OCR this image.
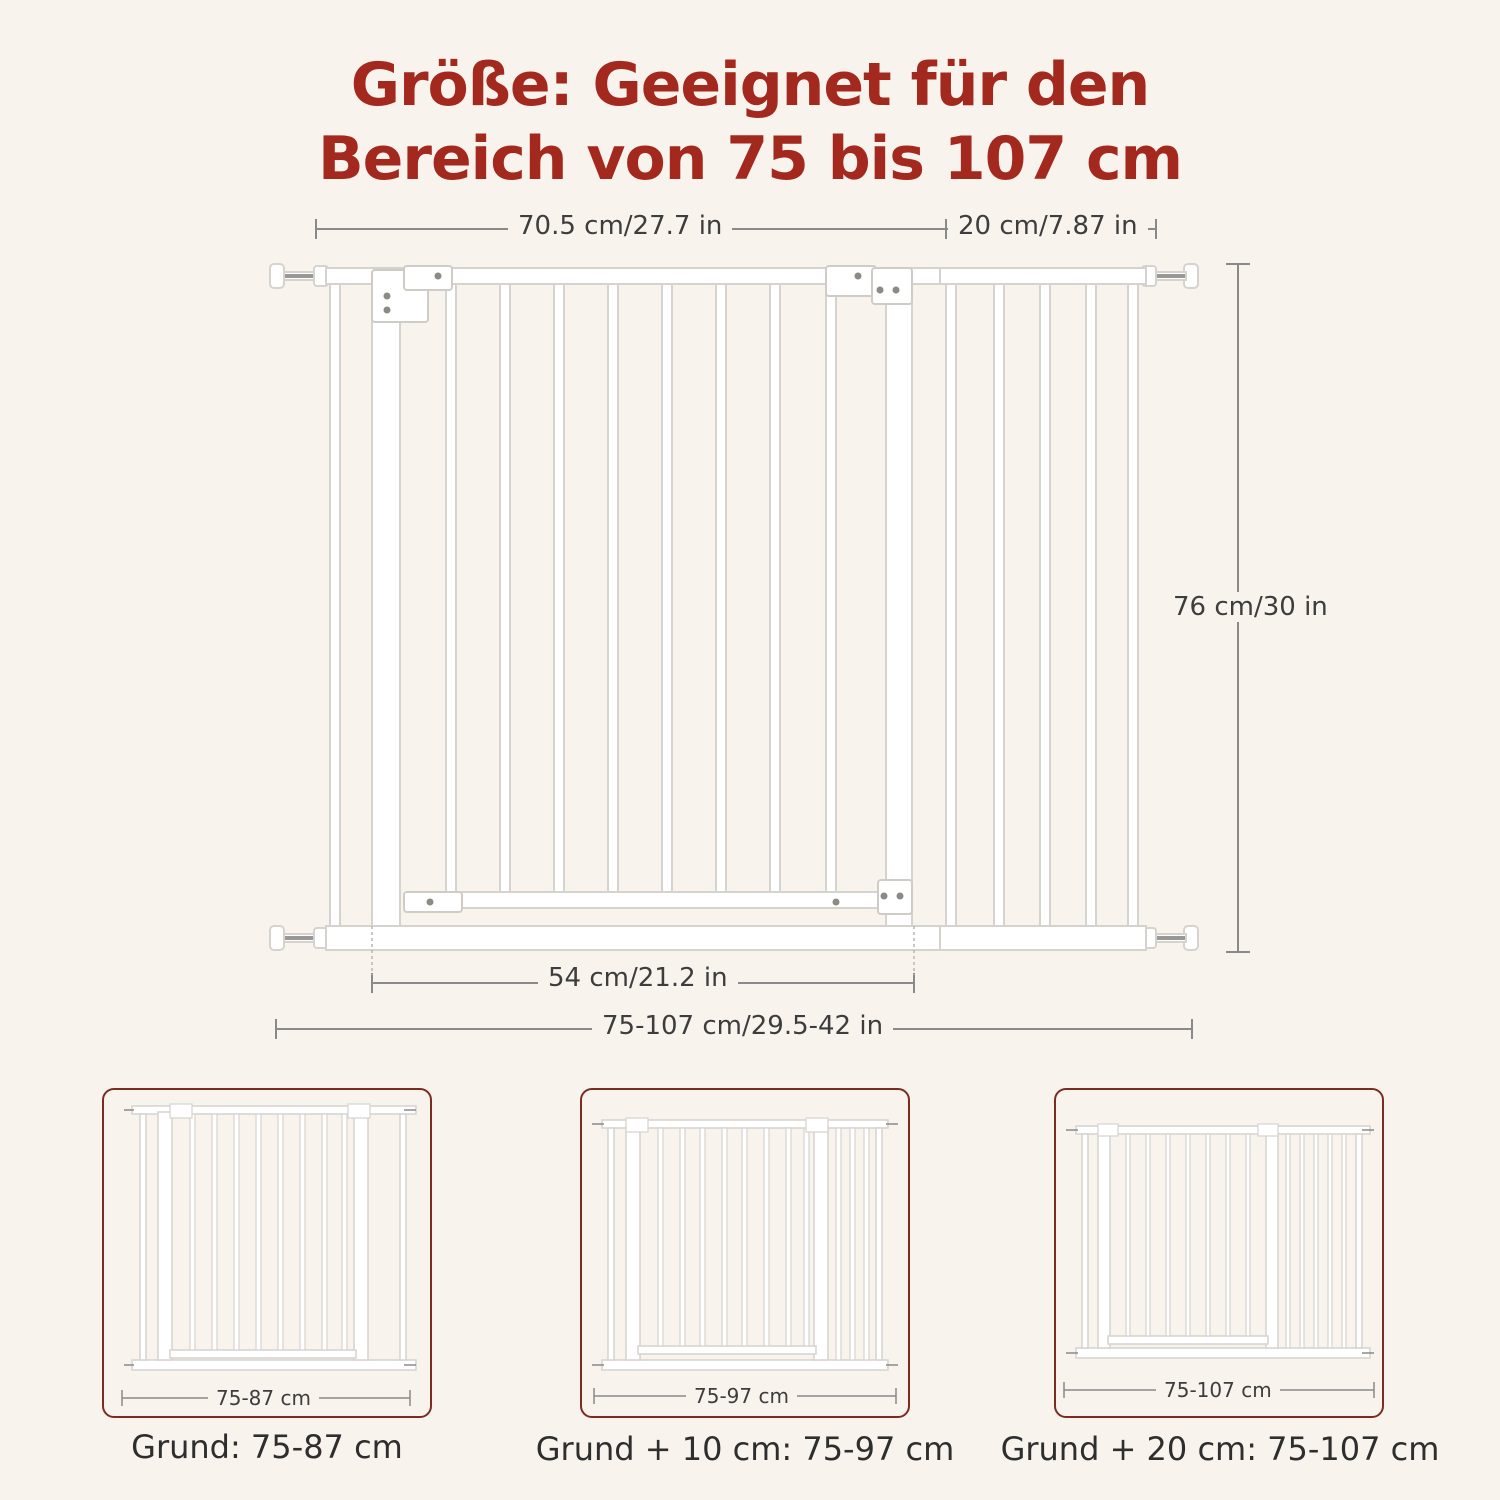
Größe: Geeignet für den
Bereich von 75 bis 107 cm
70.5 cm/27.7 in	20 cm/7.87 in
76 cm/30 in
54 cm/21.2 in
75-107 cm/29.5-42 in
75-87 cm
Grund: 75-87 cm
75-97 cm
Grund + 10 cm: 75-97 cm
75-107 cm
Grund + 20 cm: 75-107 cm
